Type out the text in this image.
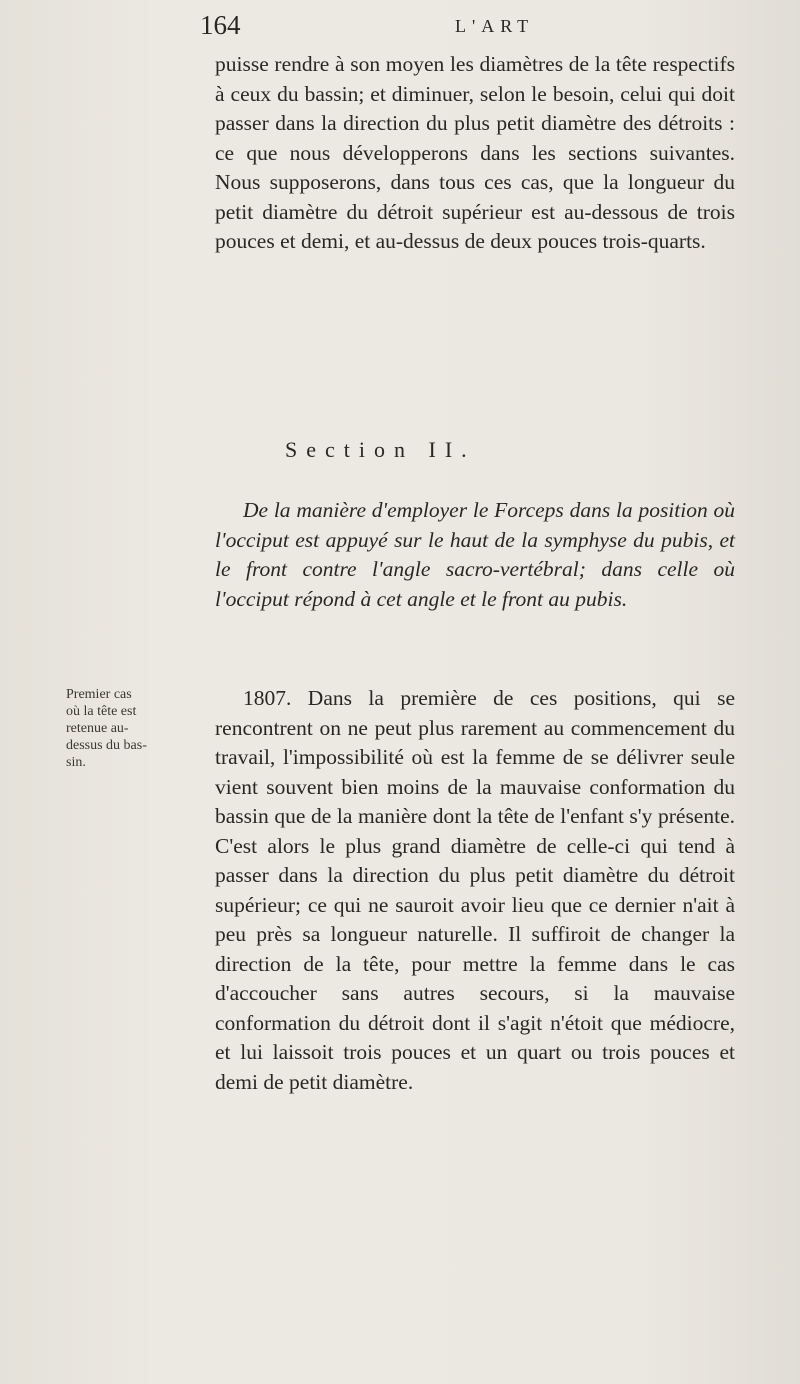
164	L'ART

puisse rendre à son moyen les diamètres de la tête respectifs à ceux du bassin; et diminuer, selon le besoin, celui qui doit passer dans la direction du plus petit diamètre des détroits : ce que nous développerons dans les sections suivantes. Nous supposerons, dans tous ces cas, que la longueur du petit diamètre du détroit supérieur est au-dessous de trois pouces et demi, et au-dessus de deux pouces trois-quarts.

Section II.

De la manière d'employer le Forceps dans la position où l'occiput est appuyé sur le haut de la symphyse du pubis, et le front contre l'angle sacro-vertébral; dans celle où l'occiput répond à cet angle et le front au pubis.

Premier cas
où la tête est
retenue au-
dessus du bas-
sin.

1807. Dans la première de ces positions, qui se rencontrent on ne peut plus rarement au commencement du travail, l'impossibilité où est la femme de se délivrer seule vient souvent bien moins de la mauvaise conformation du bassin que de la manière dont la tête de l'enfant s'y présente. C'est alors le plus grand diamètre de celle-ci qui tend à passer dans la direction du plus petit diamètre du détroit supérieur; ce qui ne sauroit avoir lieu que ce dernier n'ait à peu près sa longueur naturelle. Il suffiroit de changer la direction de la tête, pour mettre la femme dans le cas d'accoucher sans autres secours, si la mauvaise conformation du détroit dont il s'agit n'étoit que médiocre, et lui laissoit trois pouces et un quart ou trois pouces et demi de petit diamètre.
